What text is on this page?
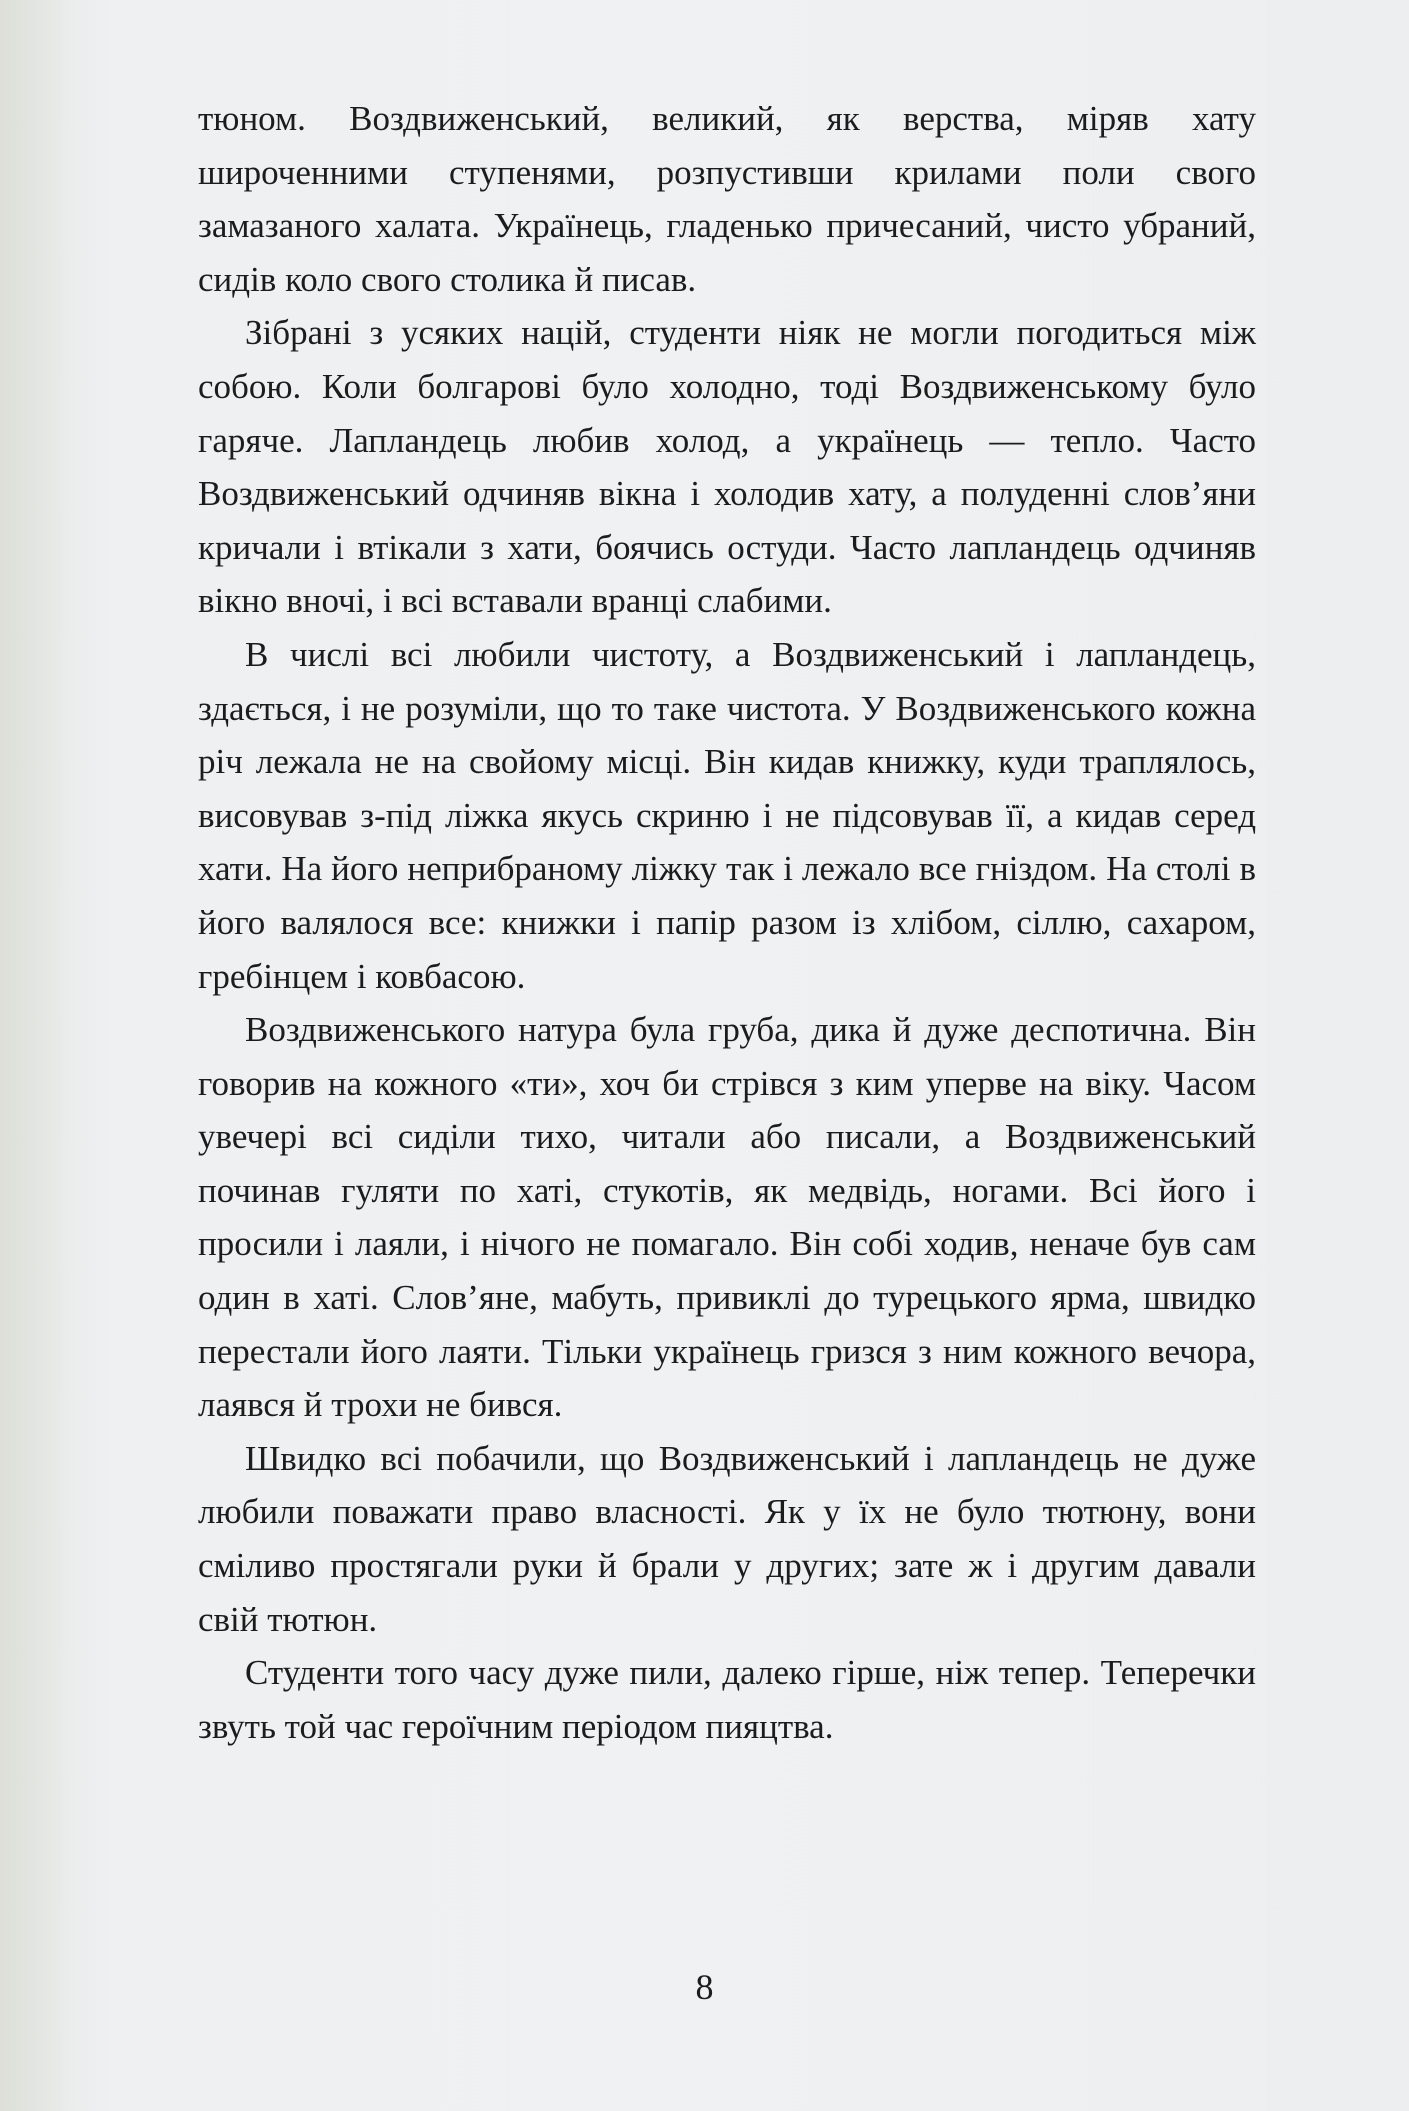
тюном. Воздвиженський, великий, як верства, міряв хату широченними ступенями, розпустивши крилами поли свого замазаного халата. Українець, гладенько причесаний, чисто убраний, сидів коло свого столика й писав.

Зібрані з усяких націй, студенти ніяк не могли погодиться між собою. Коли болгарові було холодно, тоді Воздвиженському було гаряче. Лапландець любив холод, а українець — тепло. Часто Воздвиженський одчиняв вікна і холодив хату, а полуденні слов’яни кричали і втікали з хати, боячись остуди. Часто лапландець одчиняв вікно вночі, і всі вставали вранці слабими.

В числі всі любили чистоту, а Воздвиженський і лапландець, здається, і не розуміли, що то таке чистота. У Воздвиженського кожна річ лежала не на свойому місці. Він кидав книжку, куди траплялось, висовував з-під ліжка якусь скриню і не підсовував її, а кидав серед хати. На його неприбраному ліжку так і лежало все гніздом. На столі в його валялося все: книжки і папір разом із хлібом, сіллю, сахаром, гребінцем і ковбасою.

Воздвиженського натура була груба, дика й дуже деспотична. Він говорив на кожного «ти», хоч би стрівся з ким уперве на віку. Часом увечері всі сиділи тихо, читали або писали, а Воздвиженський починав гуляти по хаті, стукотів, як медвідь, ногами. Всі його і просили і лаяли, і нічого не помагало. Він собі ходив, неначе був сам один в хаті. Слов’яне, мабуть, привиклі до турецького ярма, швидко перестали його лаяти. Тільки українець гризся з ним кожного вечора, лаявся й трохи не бився.

Швидко всі побачили, що Воздвиженський і лапландець не дуже любили поважати право власності. Як у їх не було тютюну, вони сміливо простягали руки й брали у других; зате ж і другим давали свій тютюн.

Студенти того часу дуже пили, далеко гірше, ніж тепер. Теперечки звуть той час героїчним періодом пияцтва.

8
